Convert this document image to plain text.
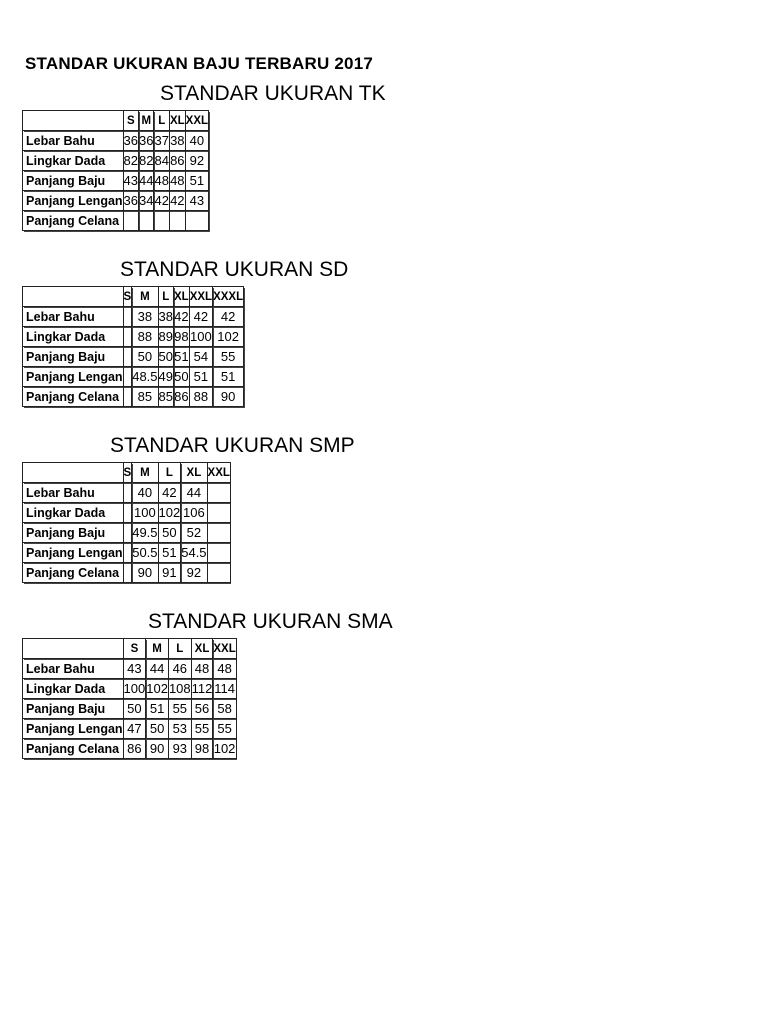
STANDAR UKURAN BAJU TERBARU 2017
STANDAR UKURAN TK
	S	M	L	XL	XXL
Lebar Bahu	36	36	37	38	40
Lingkar Dada	82	82	84	86	92
Panjang Baju	43	44	48	48	51
Panjang Lengan	36	34	42	42	43
Panjang Celana					
STANDAR UKURAN SD
	S	M	L	XL	XXL	XXXL
Lebar Bahu		38	38	42	42	42
Lingkar Dada		88	89	98	100	102
Panjang Baju		50	50	51	54	55
Panjang Lengan		48.5	49	50	51	51
Panjang Celana		85	85	86	88	90
STANDAR UKURAN SMP
	S	M	L	XL	XXL
Lebar Bahu		40	42	44	
Lingkar Dada		100	102	106	
Panjang Baju		49.5	50	52	
Panjang Lengan		50.5	51	54.5	
Panjang Celana		90	91	92	
STANDAR UKURAN SMA
	S	M	L	XL	XXL
Lebar Bahu	43	44	46	48	48
Lingkar Dada	100	102	108	112	114
Panjang Baju	50	51	55	56	58
Panjang Lengan	47	50	53	55	55
Panjang Celana	86	90	93	98	102
